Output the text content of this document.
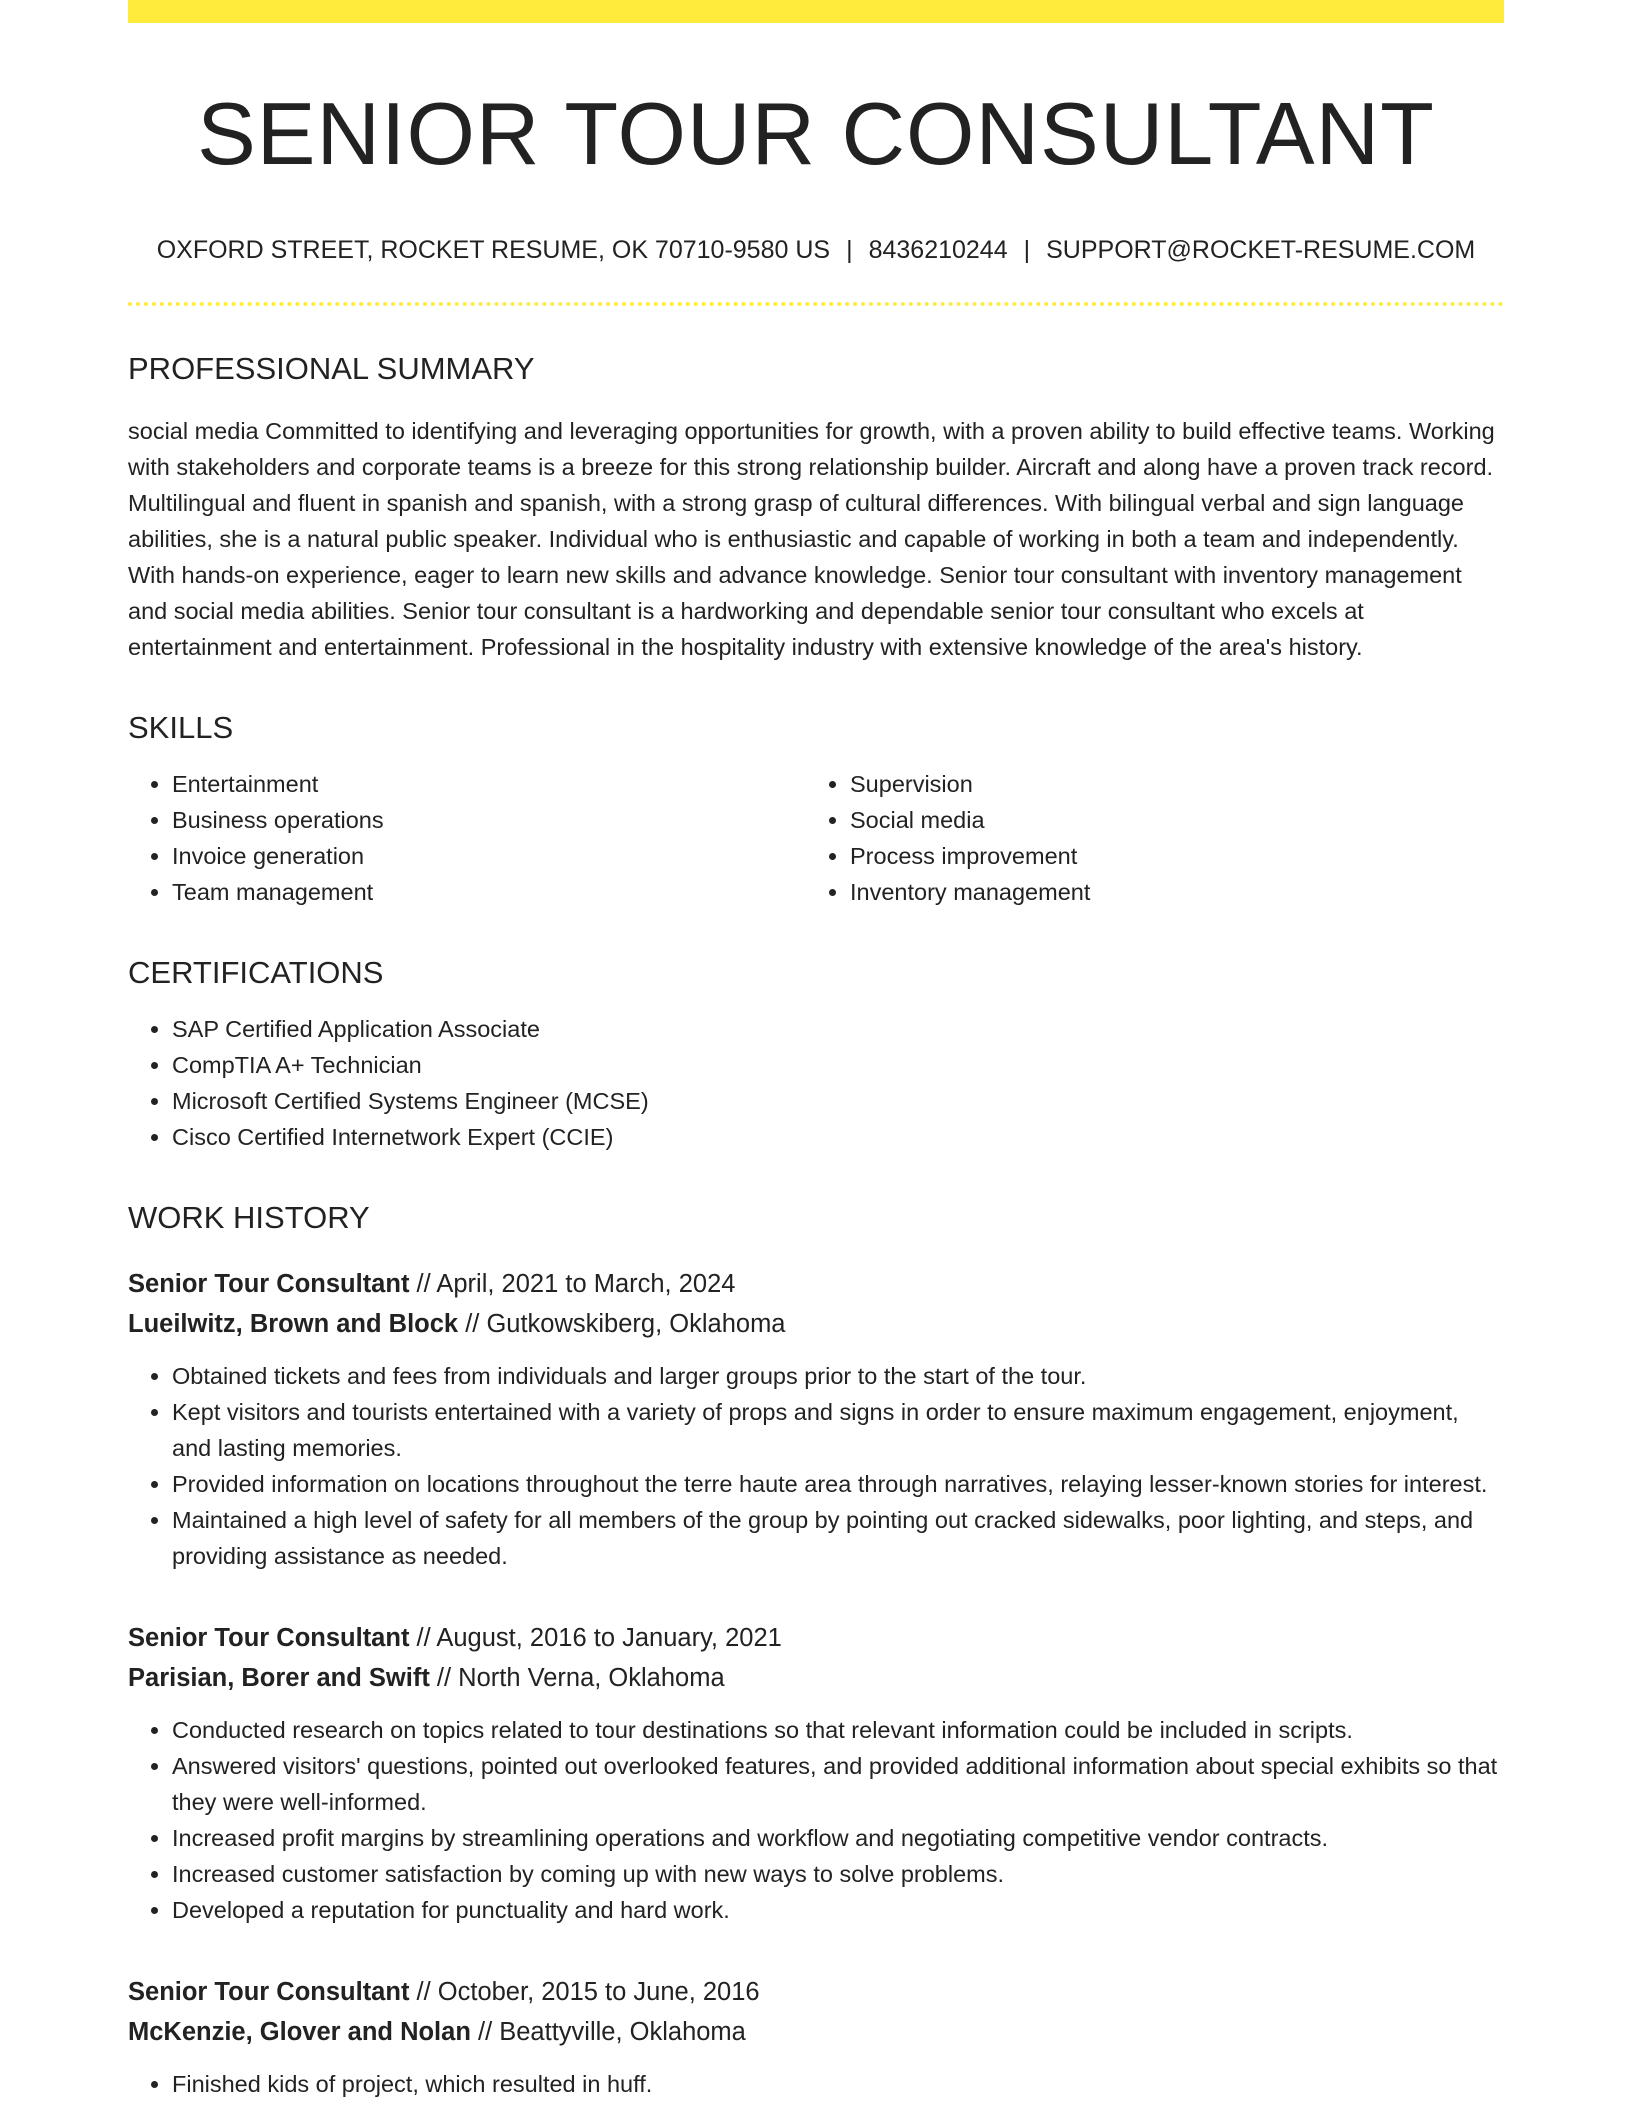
SENIOR TOUR CONSULTANT
OXFORD STREET, ROCKET RESUME, OK 70710-9580 US | 8436210244 | SUPPORT@ROCKET-RESUME.COM
PROFESSIONAL SUMMARY

social media Committed to identifying and leveraging opportunities for growth, with a proven ability to build effective teams. Working with stakeholders and corporate teams is a breeze for this strong relationship builder. Aircraft and along have a proven track record. Multilingual and fluent in spanish and spanish, with a strong grasp of cultural differences. With bilingual verbal and sign language abilities, she is a natural public speaker. Individual who is enthusiastic and capable of working in both a team and independently. With hands-on experience, eager to learn new skills and advance knowledge. Senior tour consultant with inventory management and social media abilities. Senior tour consultant is a hardworking and dependable senior tour consultant who excels at entertainment and entertainment. Professional in the hospitality industry with extensive knowledge of the area's history.

SKILLS
• Entertainment
• Business operations
• Invoice generation
• Team management
• Supervision
• Social media
• Process improvement
• Inventory management
CERTIFICATIONS
• SAP Certified Application Associate
• CompTIA A+ Technician
• Microsoft Certified Systems Engineer (MCSE)
• Cisco Certified Internetwork Expert (CCIE)
WORK HISTORY
Senior Tour Consultant // April, 2021 to March, 2024
Lueilwitz, Brown and Block // Gutkowskiberg, Oklahoma
• Obtained tickets and fees from individuals and larger groups prior to the start of the tour.
• Kept visitors and tourists entertained with a variety of props and signs in order to ensure maximum engagement, enjoyment, and lasting memories.
• Provided information on locations throughout the terre haute area through narratives, relaying lesser-known stories for interest.
• Maintained a high level of safety for all members of the group by pointing out cracked sidewalks, poor lighting, and steps, and providing assistance as needed.
Senior Tour Consultant // August, 2016 to January, 2021
Parisian, Borer and Swift // North Verna, Oklahoma
• Conducted research on topics related to tour destinations so that relevant information could be included in scripts.
• Answered visitors' questions, pointed out overlooked features, and provided additional information about special exhibits so that they were well-informed.
• Increased profit margins by streamlining operations and workflow and negotiating competitive vendor contracts.
• Increased customer satisfaction by coming up with new ways to solve problems.
• Developed a reputation for punctuality and hard work.
Senior Tour Consultant // October, 2015 to June, 2016
McKenzie, Glover and Nolan // Beattyville, Oklahoma
• Finished kids of project, which resulted in huff.
